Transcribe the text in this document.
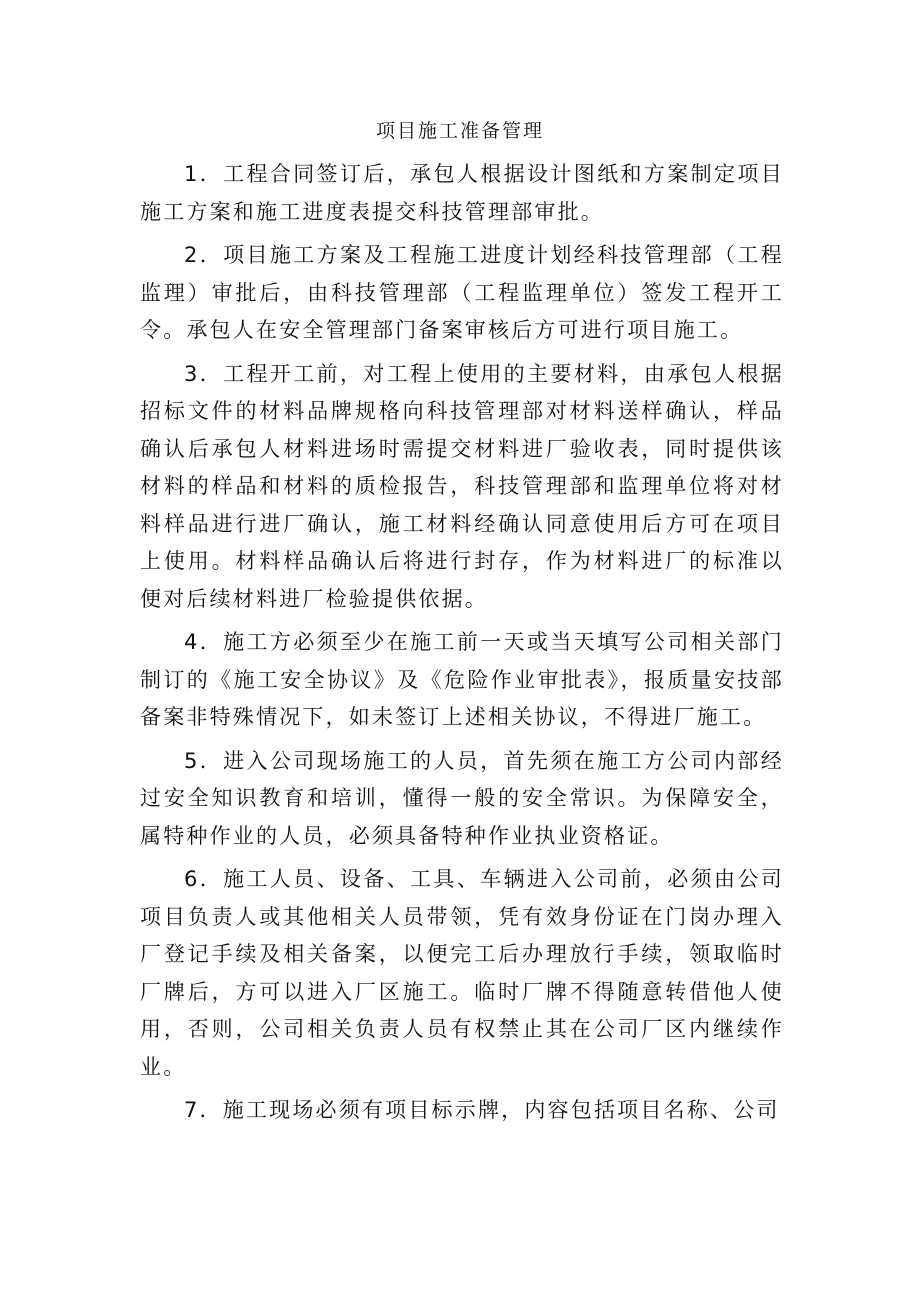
项目施工准备管理

1．工程合同签订后，承包人根据设计图纸和方案制定项目施工方案和施工进度表提交科技管理部审批。

2．项目施工方案及工程施工进度计划经科技管理部（工程监理）审批后，由科技管理部（工程监理单位）签发工程开工令。承包人在安全管理部门备案审核后方可进行项目施工。

3．工程开工前，对工程上使用的主要材料，由承包人根据招标文件的材料品牌规格向科技管理部对材料送样确认，样品确认后承包人材料进场时需提交材料进厂验收表，同时提供该材料的样品和材料的质检报告，科技管理部和监理单位将对材料样品进行进厂确认，施工材料经确认同意使用后方可在项目上使用。材料样品确认后将进行封存，作为材料进厂的标准以便对后续材料进厂检验提供依据。

4．施工方必须至少在施工前一天或当天填写公司相关部门制订的《施工安全协议》及《危险作业审批表》，报质量安技部备案非特殊情况下，如未签订上述相关协议，不得进厂施工。

5．进入公司现场施工的人员，首先须在施工方公司内部经过安全知识教育和培训，懂得一般的安全常识。为保障安全，属特种作业的人员，必须具备特种作业执业资格证。

6．施工人员、设备、工具、车辆进入公司前，必须由公司项目负责人或其他相关人员带领，凭有效身份证在门岗办理入厂登记手续及相关备案，以便完工后办理放行手续，领取临时厂牌后，方可以进入厂区施工。临时厂牌不得随意转借他人使用，否则，公司相关负责人员有权禁止其在公司厂区内继续作业。

7．施工现场必须有项目标示牌，内容包括项目名称、公司
